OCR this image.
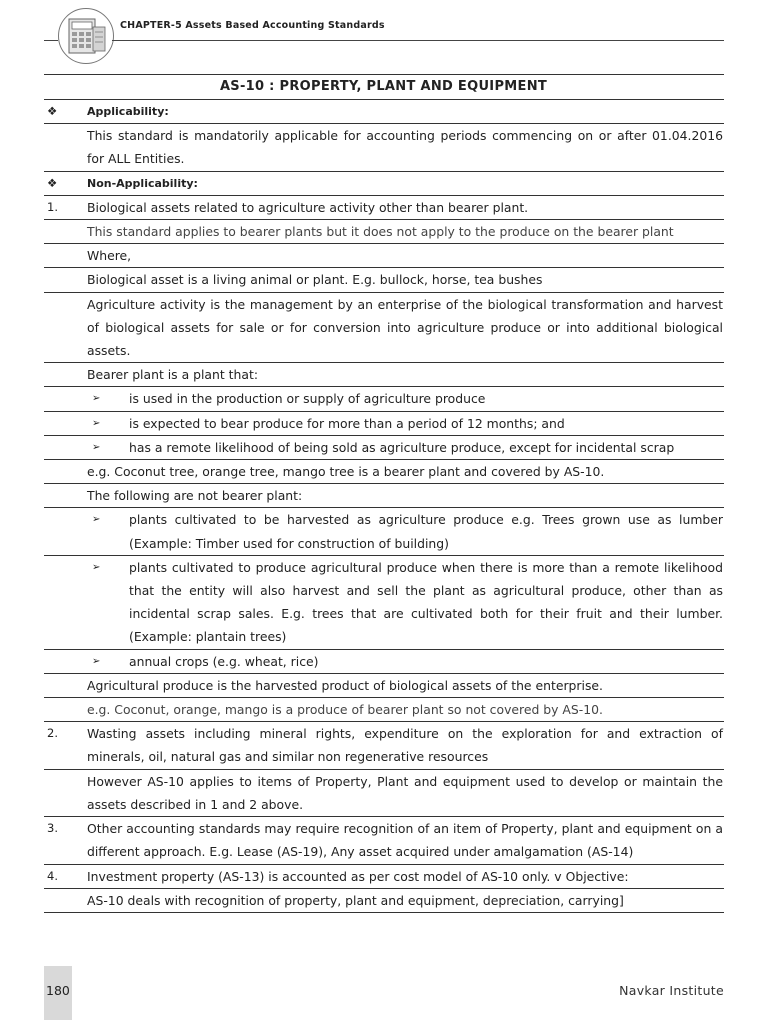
CHAPTER-5 Assets Based Accounting Standards
AS-10 : PROPERTY, PLANT AND EQUIPMENT
❖	Applicability:
This standard is mandatorily applicable for accounting periods commencing on or after 01.04.2016 for ALL Entities.
❖	Non-Applicability:
1.	Biological assets related to agriculture activity other than bearer plant.
This standard applies to bearer plants but it does not apply to the produce on the bearer plant
Where,
Biological asset is a living animal or plant. E.g. bullock, horse, tea bushes
Agriculture activity is the management by an enterprise of the biological transformation and harvest of biological assets for sale or for conversion into agriculture produce or into additional biological assets.
Bearer plant is a plant that:
➢ is used in the production or supply of agriculture produce
➢ is expected to bear produce for more than a period of 12 months; and
➢ has a remote likelihood of being sold as agriculture produce, except for incidental scrap
e.g. Coconut tree, orange tree, mango tree is a bearer plant and covered by AS-10.
The following are not bearer plant:
➢ plants cultivated to be harvested as agriculture produce e.g. Trees grown use as lumber (Example: Timber used for construction of building)
➢ plants cultivated to produce agricultural produce when there is more than a remote likelihood that the entity will also harvest and sell the plant as agricultural produce, other than as incidental scrap sales. E.g. trees that are cultivated both for their fruit and their lumber. (Example: plantain trees)
➢ annual crops (e.g. wheat, rice)
Agricultural produce is the harvested product of biological assets of the enterprise.
e.g. Coconut, orange, mango is a produce of bearer plant so not covered by AS-10.
2.	Wasting assets including mineral rights, expenditure on the exploration for and extraction of minerals, oil, natural gas and similar non regenerative resources
However AS-10 applies to items of Property, Plant and equipment used to develop or maintain the assets described in 1 and 2 above.
3.	Other accounting standards may require recognition of an item of Property, plant and equipment on a different approach. E.g. Lease (AS-19), Any asset acquired under amalgamation (AS-14)
4.	Investment property (AS-13) is accounted as per cost model of AS-10 only. v Objective:
AS-10 deals with recognition of property, plant and equipment, depreciation, carrying]
180	Navkar Institute
